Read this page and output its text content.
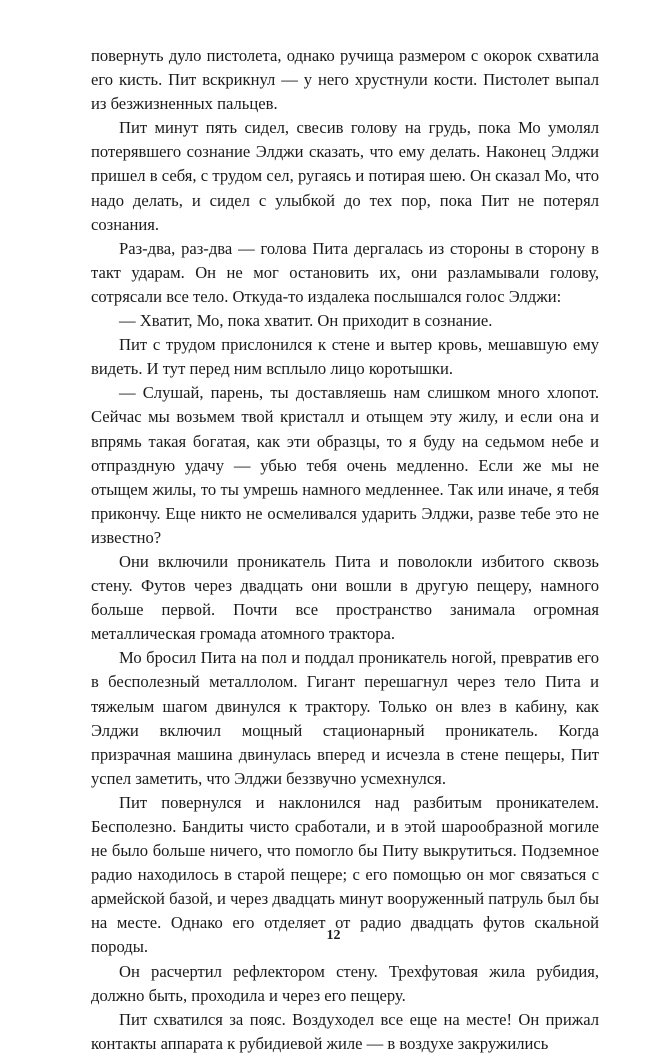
повернуть дуло пистолета, однако ручища размером с окорок схватила его кисть. Пит вскрикнул — у него хрустнули кости. Пистолет выпал из безжизненных пальцев.

Пит минут пять сидел, свесив голову на грудь, пока Мо умолял потерявшего сознание Элджи сказать, что ему делать. Наконец Элджи пришел в себя, с трудом сел, ругаясь и потирая шею. Он сказал Мо, что надо делать, и сидел с улыбкой до тех пор, пока Пит не потерял сознания.

Раз-два, раз-два — голова Пита дергалась из стороны в сторону в такт ударам. Он не мог остановить их, они разламывали голову, сотрясали все тело. Откуда-то издалека послышался голос Элджи:

— Хватит, Мо, пока хватит. Он приходит в сознание.

Пит с трудом прислонился к стене и вытер кровь, мешавшую ему видеть. И тут перед ним всплыло лицо коротышки.

— Слушай, парень, ты доставляешь нам слишком много хлопот. Сейчас мы возьмем твой кристалл и отыщем эту жилу, и если она и впрямь такая богатая, как эти образцы, то я буду на седьмом небе и отпраздную удачу — убью тебя очень медленно. Если же мы не отыщем жилы, то ты умрешь намного медленнее. Так или иначе, я тебя прикончу. Еще никто не осмеливался ударить Элджи, разве тебе это не известно?

Они включили проникатель Пита и поволокли избитого сквозь стену. Футов через двадцать они вошли в другую пещеру, намного больше первой. Почти все пространство занимала огромная металлическая громада атомного трактора.

Мо бросил Пита на пол и поддал проникатель ногой, превратив его в бесполезный металлолом. Гигант перешагнул через тело Пита и тяжелым шагом двинулся к трактору. Только он влез в кабину, как Элджи включил мощный стационарный проникатель. Когда призрачная машина двинулась вперед и исчезла в стене пещеры, Пит успел заметить, что Элджи беззвучно усмехнулся.

Пит повернулся и наклонился над разбитым проникателем. Бесполезно. Бандиты чисто сработали, и в этой шарообразной могиле не было больше ничего, что помогло бы Питу выкрутиться. Подземное радио находилось в старой пещере; с его помощью он мог связаться с армейской базой, и через двадцать минут вооруженный патруль был бы на месте. Однако его отделяет от радио двадцать футов скальной породы.

Он расчертил рефлектором стену. Трехфутовая жила рубидия, должно быть, проходила и через его пещеру.

Пит схватился за пояс. Воздуходел все еще на месте! Он прижал контакты аппарата к рубидиевой жиле — в воздухе закружились

12
